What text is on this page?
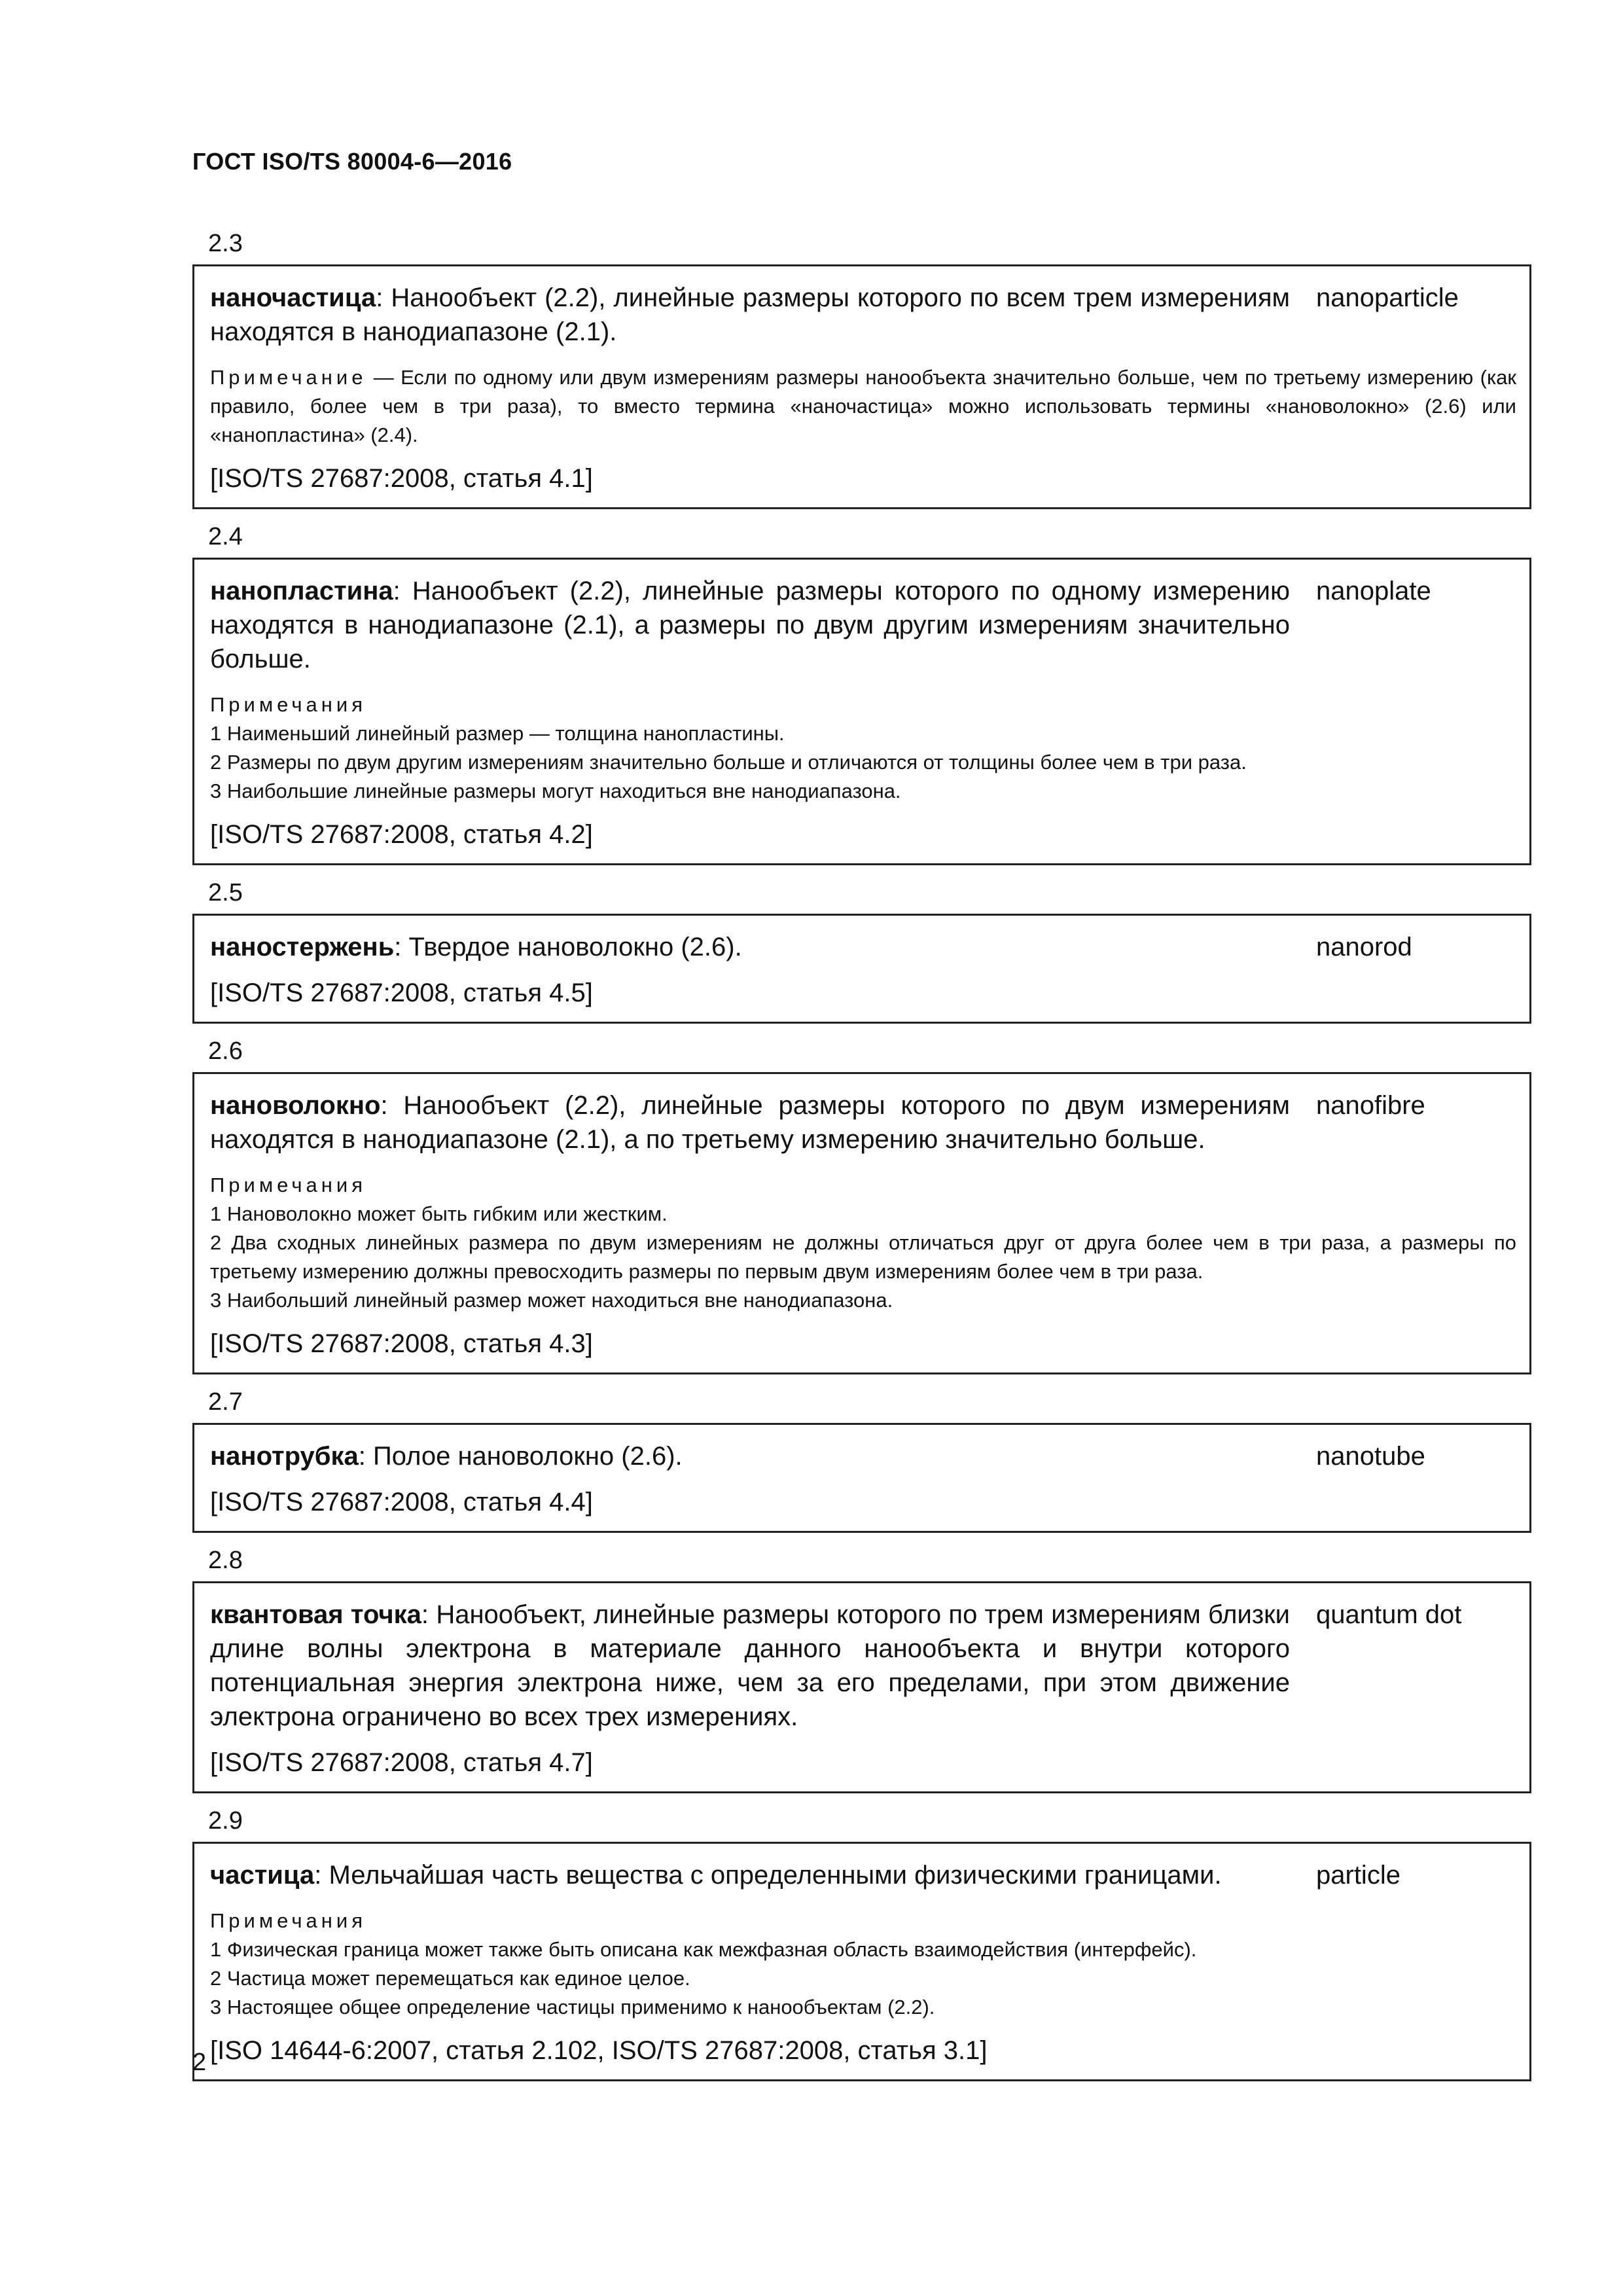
ГОСТ ISO/TS 80004-6—2016
2.3
наночастица: Нанообъект (2.2), линейные размеры которого по всем трем измерениям находятся в нанодиапазоне (2.1).
nanoparticle
Примечание — Если по одному или двум измерениям размеры нанообъекта значительно больше, чем по третьему измерению (как правило, более чем в три раза), то вместо термина «наночастица» можно использовать термины «нановолокно» (2.6) или «нанопластина» (2.4).
[ISO/TS 27687:2008, статья 4.1]
2.4
нанопластина: Нанообъект (2.2), линейные размеры которого по одному измерению находятся в нанодиапазоне (2.1), а размеры по двум другим измерениям значительно больше.
nanoplate
Примечания
1 Наименьший линейный размер — толщина нанопластины.
2 Размеры по двум другим измерениям значительно больше и отличаются от толщины более чем в три раза.
3 Наибольшие линейные размеры могут находиться вне нанодиапазона.
[ISO/TS 27687:2008, статья 4.2]
2.5
наностержень: Твердое нановолокно (2.6).	nanorod
[ISO/TS 27687:2008, статья 4.5]
2.6
нановолокно: Нанообъект (2.2), линейные размеры которого по двум измерениям находятся в нанодиапазоне (2.1), а по третьему измерению значительно больше.
nanofibre
Примечания
1 Нановолокно может быть гибким или жестким.
2 Два сходных линейных размера по двум измерениям не должны отличаться друг от друга более чем в три раза, а размеры по третьему измерению должны превосходить размеры по первым двум измерениям более чем в три раза.
3 Наибольший линейный размер может находиться вне нанодиапазона.
[ISO/TS 27687:2008, статья 4.3]
2.7
нанотрубка: Полое нановолокно (2.6).	nanotube
[ISO/TS 27687:2008, статья 4.4]
2.8
квантовая точка: Нанообъект, линейные размеры которого по трем измерениям близки длине волны электрона в материале данного нанообъекта и внутри которого потенциальная энергия электрона ниже, чем за его пределами, при этом движение электрона ограничено во всех трех измерениях.
quantum dot
[ISO/TS 27687:2008, статья 4.7]
2.9
частица: Мельчайшая часть вещества с определенными физическими границами.	particle
Примечания
1 Физическая граница может также быть описана как межфазная область взаимодействия (интерфейс).
2 Частица может перемещаться как единое целое.
3 Настоящее общее определение частицы применимо к нанообъектам (2.2).
[ISO 14644-6:2007, статья 2.102, ISO/TS 27687:2008, статья 3.1]
2
